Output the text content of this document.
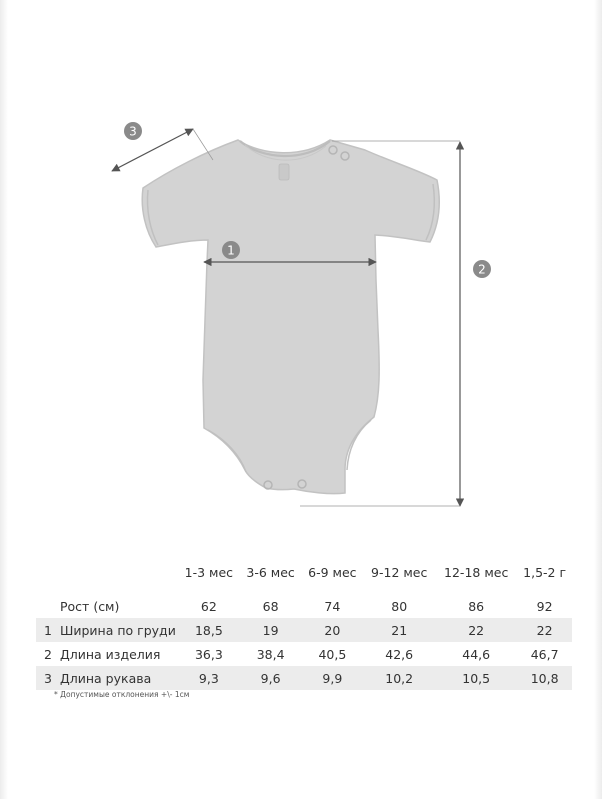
1
2
3
		1-3 мес	3-6 мес	6-9 мес	9-12 мес	12-18 мес	1,5-2 г

	Рост (см)	62	68	74	80	86	92
1	Ширина по груди	18,5	19	20	21	22	22
2	Длина изделия	36,3	38,4	40,5	42,6	44,6	46,7
3	Длина рукава	9,3	9,6	9,9	10,2	10,5	10,8
* Допустимые отклонения +\- 1см
